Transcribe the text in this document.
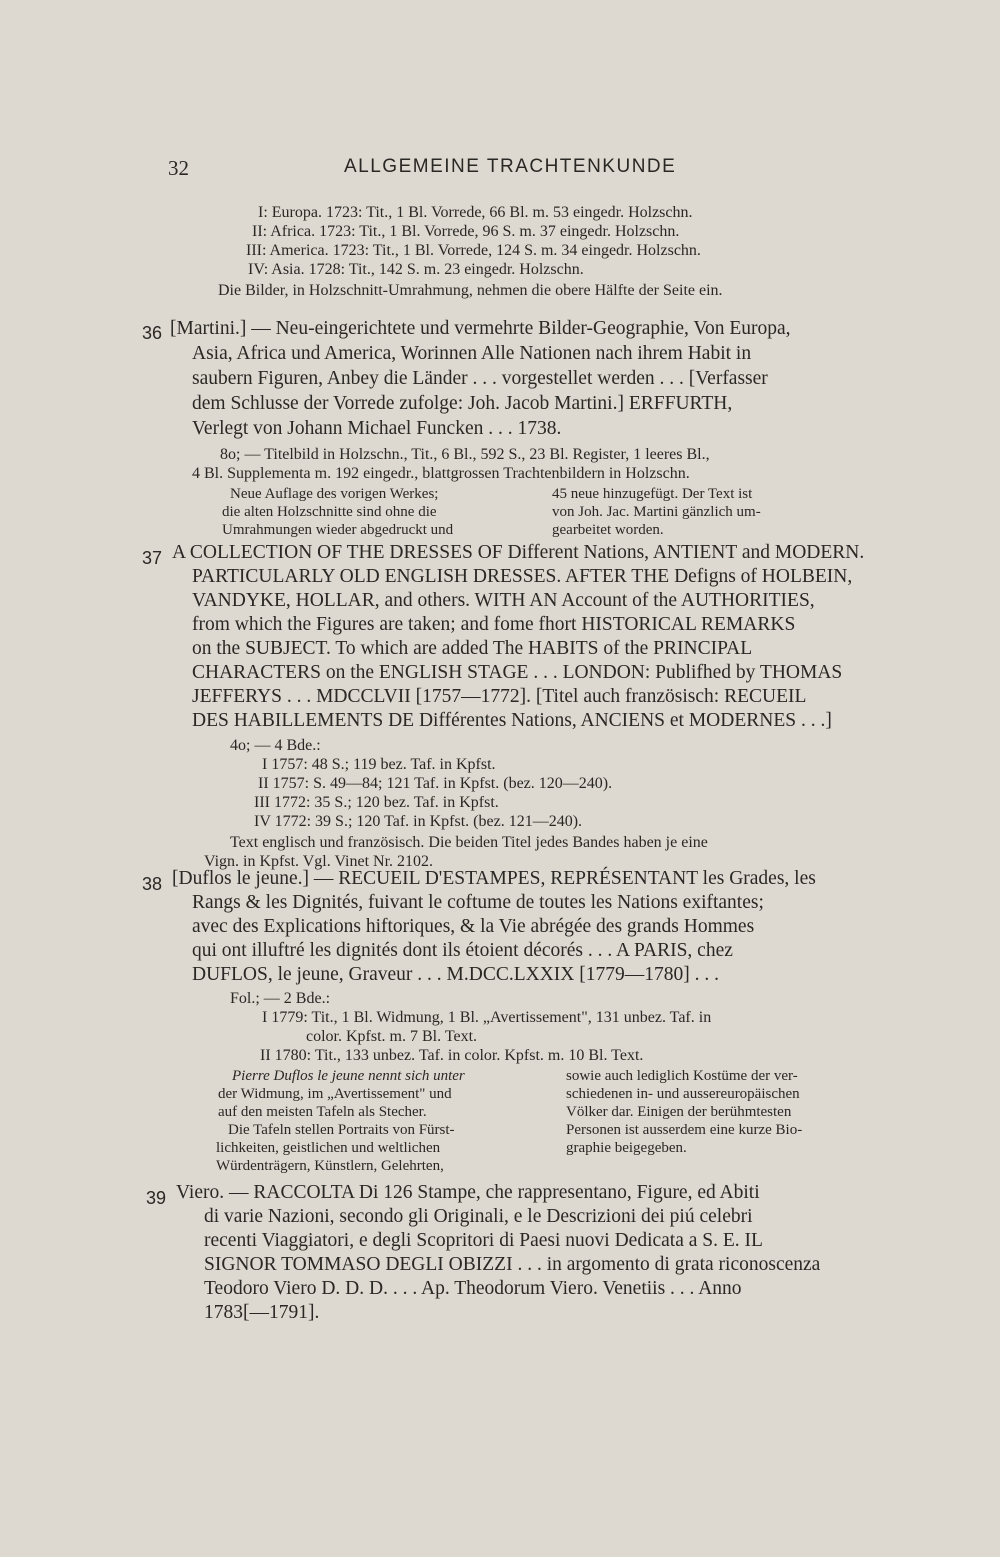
32	ALLGEMEINE TRACHTENKUNDE
I: Europa. 1723: Tit., 1 Bl. Vorrede, 66 Bl. m. 53 eingedr. Holzschn.
II: Africa. 1723: Tit., 1 Bl. Vorrede, 96 S. m. 37 eingedr. Holzschn.
III: America. 1723: Tit., 1 Bl. Vorrede, 124 S. m. 34 eingedr. Holzschn.
IV: Asia. 1728: Tit., 142 S. m. 23 eingedr. Holzschn.
Die Bilder, in Holzschnitt-Umrahmung, nehmen die obere Hälfte der Seite ein.
36 [Martini.] — Neu-eingerichtete und vermehrte Bilder-Geographie, Von Europa,
Asia, Africa und America, Worinnen Alle Nationen nach ihrem Habit in
saubern Figuren, Anbey die Länder . . . vorgestellet werden . . . [Verfasser
dem Schlusse der Vorrede zufolge: Joh. Jacob Martini.] ERFFURTH,
Verlegt von Johann Michael Funcken . . . 1738.
8o; — Titelbild in Holzschn., Tit., 6 Bl., 592 S., 23 Bl. Register, 1 leeres Bl.,
4 Bl. Supplementa m. 192 eingedr., blattgrossen Trachtenbildern in Holzschn.
Neue Auflage des vorigen Werkes;
die alten Holzschnitte sind ohne die
Umrahmungen wieder abgedruckt und
45 neue hinzugefügt. Der Text ist
von Joh. Jac. Martini gänzlich um-
gearbeitet worden.
37 A COLLECTION OF THE DRESSES OF Different Nations, ANTIENT and MODERN.
PARTICULARLY OLD ENGLISH DRESSES. AFTER THE Defigns of HOLBEIN,
VANDYKE, HOLLAR, and others. WITH AN Account of the AUTHORITIES,
from which the Figures are taken; and fome fhort HISTORICAL REMARKS
on the SUBJECT. To which are added The HABITS of the PRINCIPAL
CHARACTERS on the ENGLISH STAGE . . . LONDON: Publifhed by THOMAS
JEFFERYS . . . MDCCLVII [1757—1772]. [Titel auch französisch: RECUEIL
DES HABILLEMENTS DE Différentes Nations, ANCIENS et MODERNES . . .]
4o; — 4 Bde.:
I 1757: 48 S.; 119 bez. Taf. in Kpfst.
II 1757: S. 49—84; 121 Taf. in Kpfst. (bez. 120—240).
III 1772: 35 S.; 120 bez. Taf. in Kpfst.
IV 1772: 39 S.; 120 Taf. in Kpfst. (bez. 121—240).
Text englisch und französisch. Die beiden Titel jedes Bandes haben je eine
Vign. in Kpfst. Vgl. Vinet Nr. 2102.
38 [Duflos le jeune.] — RECUEIL D'ESTAMPES, REPRÉSENTANT les Grades, les
Rangs & les Dignités, fuivant le coftume de toutes les Nations exiftantes;
avec des Explications hiftoriques, & la Vie abrégée des grands Hommes
qui ont illuftré les dignités dont ils étoient décorés . . . A PARIS, chez
DUFLOS, le jeune, Graveur . . . M.DCC.LXXIX [1779—1780] . . .
Fol.; — 2 Bde.:
I 1779: Tit., 1 Bl. Widmung, 1 Bl. „Avertissement", 131 unbez. Taf. in
color. Kpfst. m. 7 Bl. Text.
II 1780: Tit., 133 unbez. Taf. in color. Kpfst. m. 10 Bl. Text.
Pierre Duflos le jeune nennt sich unter
der Widmung, im „Avertissement" und
auf den meisten Tafeln als Stecher.
Die Tafeln stellen Portraits von Fürst-
lichkeiten, geistlichen und weltlichen
Würdenträgern, Künstlern, Gelehrten,
sowie auch lediglich Kostüme der ver-
schiedenen in- und aussereuropäischen
Völker dar. Einigen der berühmtesten
Personen ist ausserdem eine kurze Bio-
graphie beigegeben.
39 Viero. — RACCOLTA Di 126 Stampe, che rappresentano, Figure, ed Abiti
di varie Nazioni, secondo gli Originali, e le Descrizioni dei piú celebri
recenti Viaggiatori, e degli Scopritori di Paesi nuovi Dedicata a S. E. IL
SIGNOR TOMMASO DEGLI OBIZZI . . . in argomento di grata riconoscenza
Teodoro Viero D. D. D. . . . Ap. Theodorum Viero. Venetiis . . . Anno
1783[—1791].
